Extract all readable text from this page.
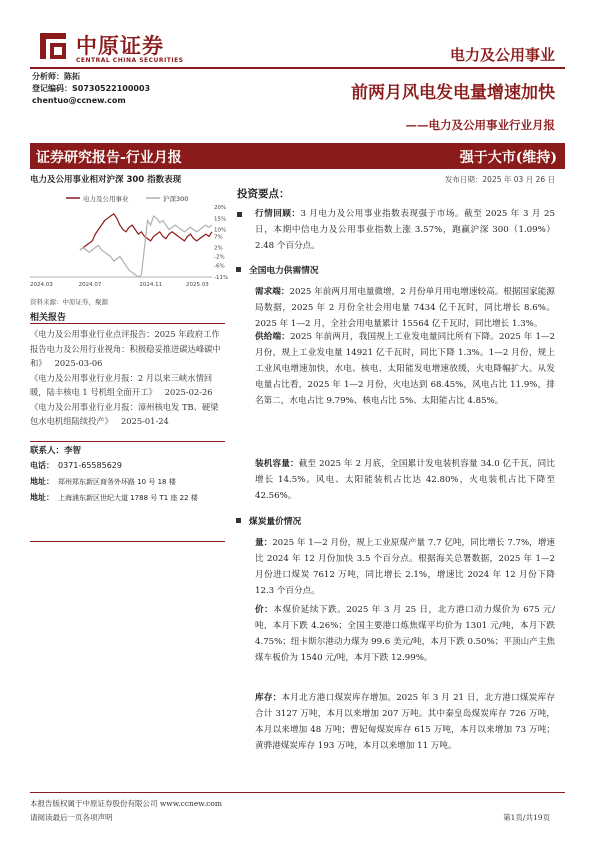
中原证券
CENTRAL CHINA SECURITIES	电力及公用事业
分析师：陈拓
登记编码：S0730522100003
chentuo@ccnew.com	前两月风电发电量增速加快
——电力及公用事业行业月报
证券研究报告-行业月报	强于大市(维持)
电力及公用事业相对沪深 300 指数表现	发布日期：2025 年 03 月 26 日
电力及公用事业	沪深300
20%
15%
10%
7%
2%
-2%
-6%
-11%
2024.03	2024.07	2024.11	2025.03
资料来源：中原证券，聚源
相关报告

《电力及公用事业行业点评报告：2025 年政府工作报告电力及公用行业视角：积极稳妥推进碳达峰碳中和》 2025-03-06

《电力及公用事业行业月报：2 月以来三峡水情回暖，陆丰核电 1 号机组全面开工》 2025-02-26

《电力及公用事业行业月报：漳州核电发 TB、硬梁包水电机组陆续投产》 2025-01-24

联系人：李智
电话： 0371-65585629
地址： 郑州郑东新区商务外环路 10 号 18 楼
地址： 上海浦东新区世纪大道 1788 号 T1 座 22 楼
投资要点：
行情回顾：3 月电力及公用事业指数表现强于市场。截至 2025 年 3 月 25 日，本期中信电力及公用事业指数上涨 3.57%，跑赢沪深 300（1.09%）2.48 个百分点。
全国电力供需情况
需求端：2025 年前两月用电量微增，2 月份单月用电增速较高。根据国家能源局数据，2025 年 2 月份全社会用电量 7434 亿千瓦时，同比增长 8.6%。2025 年 1—2 月，全社会用电量累计 15564 亿千瓦时，同比增长 1.3%。
供给端：2025 年前两月，我国规上工业发电量同比所有下降。2025 年 1—2 月份，规上工业发电量 14921 亿千瓦时，同比下降 1.3%。1—2 月份，规上工业风电增速加快，水电、核电、太阳能发电增速放缓，火电降幅扩大。从发电量占比看，2025 年 1—2 月份，火电达到 68.45%，风电占比 11.9%，排名第二，水电占比 9.79%、核电占比 5%、太阳能占比 4.85%。
装机容量：截至 2025 年 2 月底，全国累计发电装机容量 34.0 亿千瓦，同比增长 14.5%。风电、太阳能装机占比达 42.80%，火电装机占比下降至 42.56%。
煤炭量价情况
量：2025 年 1—2 月份，规上工业原煤产量 7.7 亿吨，同比增长 7.7%，增速比 2024 年 12 月份加快 3.5 个百分点。根据海关总署数据，2025 年 1—2 月份进口煤炭 7612 万吨，同比增长 2.1%，增速比 2024 年 12 月份下降 12.3 个百分点。
价：本煤价延续下跌。2025 年 3 月 25 日，北方港口动力煤价为 675 元/吨，本月下跌 4.26%；全国主要港口炼焦煤平均价为 1301 元/吨，本月下跌 4.75%；纽卡斯尔港动力煤为 99.6 美元/吨，本月下跌 0.50%；平顶山产主焦煤车板价为 1540 元/吨，本月下跌 12.99%。
库存：本月北方港口煤炭库存增加。2025 年 3 月 21 日，北方港口煤炭库存合计 3127 万吨，本月以来增加 207 万吨。其中秦皇岛煤炭库存 726 万吨，本月以来增加 48 万吨；曹妃甸煤炭库存 615 万吨，本月以来增加 73 万吨；黄骅港煤炭库存 193 万吨，本月以来增加 11 万吨。
本报告版权属于中原证券股份有限公司 www.ccnew.com
请阅读最后一页各项声明	第1页/共19页
